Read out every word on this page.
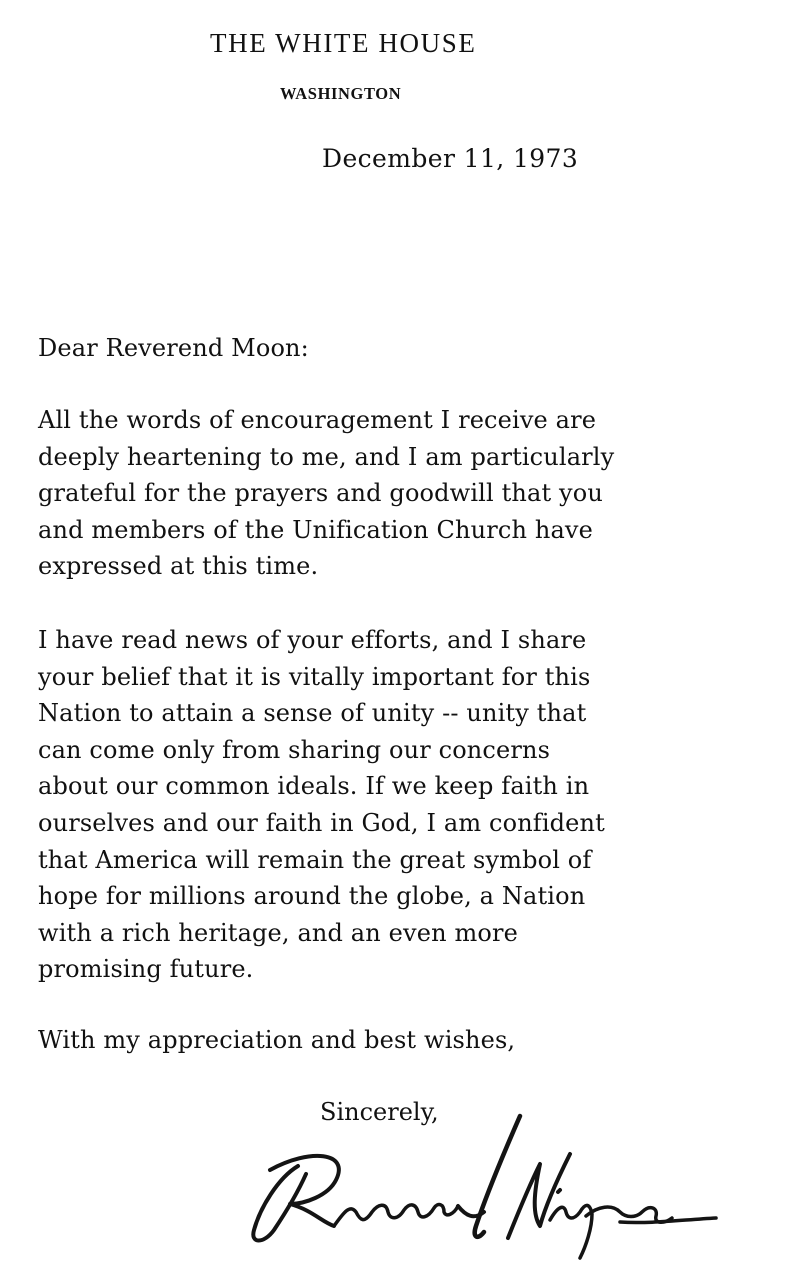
THE WHITE HOUSE
WASHINGTON
December 11, 1973
Dear Reverend Moon:
All the words of encouragement I receive are
deeply heartening to me, and I am particularly
grateful for the prayers and goodwill that you
and members of the Unification Church have
expressed at this time.
I have read news of your efforts, and I share
your belief that it is vitally important for this
Nation to attain a sense of unity -- unity that
can come only from sharing our concerns
about our common ideals. If we keep faith in
ourselves and our faith in God, I am confident
that America will remain the great symbol of
hope for millions around the globe, a Nation
with a rich heritage, and an even more
promising future.
With my appreciation and best wishes,
Sincerely,
